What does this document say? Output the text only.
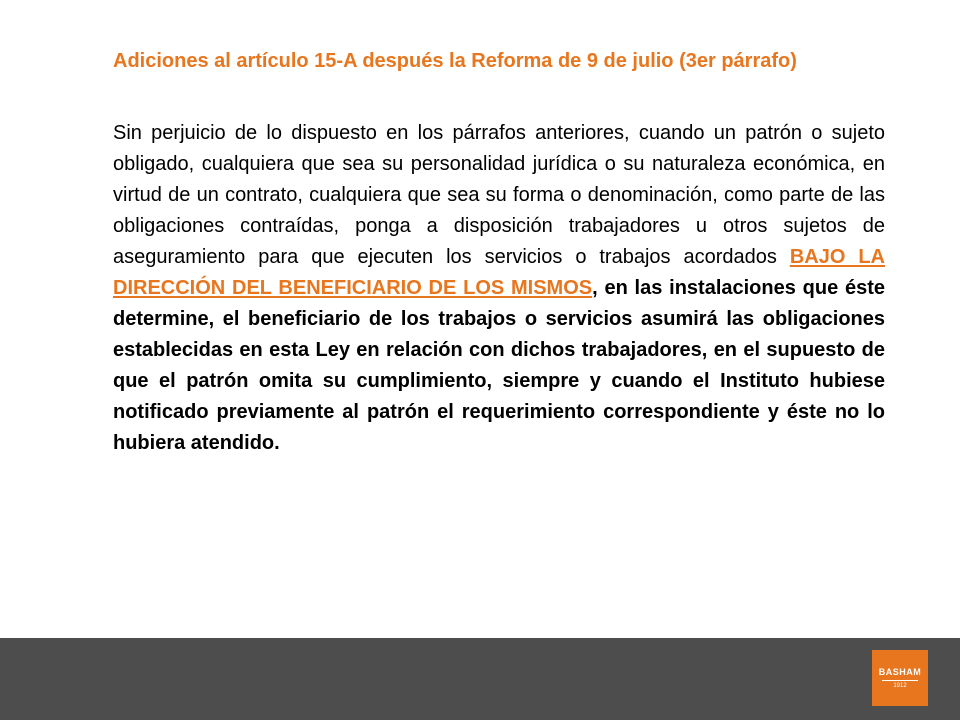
Adiciones al artículo 15-A después la Reforma de 9 de julio (3er párrafo)

Sin perjuicio de lo dispuesto en los párrafos anteriores, cuando un patrón o sujeto obligado, cualquiera que sea su personalidad jurídica o su naturaleza económica, en virtud de un contrato, cualquiera que sea su forma o denominación, como parte de las obligaciones contraídas, ponga a disposición trabajadores u otros sujetos de aseguramiento para que ejecuten los servicios o trabajos acordados BAJO LA DIRECCIÓN DEL BENEFICIARIO DE LOS MISMOS, en las instalaciones que éste determine, el beneficiario de los trabajos o servicios asumirá las obligaciones establecidas en esta Ley en relación con dichos trabajadores, en el supuesto de que el patrón omita su cumplimiento, siempre y cuando el Instituto hubiese notificado previamente al patrón el requerimiento correspondiente y éste no lo hubiera atendido.

BASHAM
1912
